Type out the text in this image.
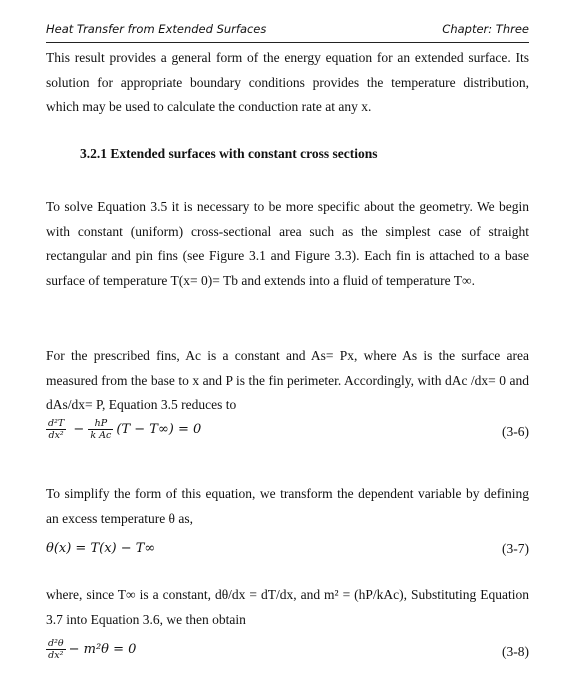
Heat Transfer from Extended Surfaces	Chapter: Three

This result provides a general form of the energy equation for an extended surface. Its solution for appropriate boundary conditions provides the temperature distribution, which may be used to calculate the conduction rate at any x.

3.2.1 Extended surfaces with constant cross sections

To solve Equation 3.5 it is necessary to be more specific about the geometry. We begin with constant (uniform) cross-sectional area such as the simplest case of straight rectangular and pin fins (see Figure 3.1 and Figure 3.3). Each fin is attached to a base surface of temperature T(x= 0)= Tb and extends into a fluid of temperature T∞.

For the prescribed fins, Ac is a constant and As= Px, where As is the surface area measured from the base to x and P is the fin perimeter. Accordingly, with dAc /dx= 0 and dAs/dx= P, Equation 3.5 reduces to

$\frac{\text{d²T}}{\text{dx²}} - \frac{hP}{\text{k Ac}} (T - T\infty) = 0$	(3-6)

To simplify the form of this equation, we transform the dependent variable by defining an excess temperature θ as,

θ(x) = T(x) − T∞	(3-7)

where, since T∞ is a constant, dθ/dx = dT/dx, and m² = (hP/kAc), Substituting Equation 3.7 into Equation 3.6, we then obtain

$\frac{\text{d²θ}}{\text{dx²}} - m^2\theta = 0$	(3-8)
